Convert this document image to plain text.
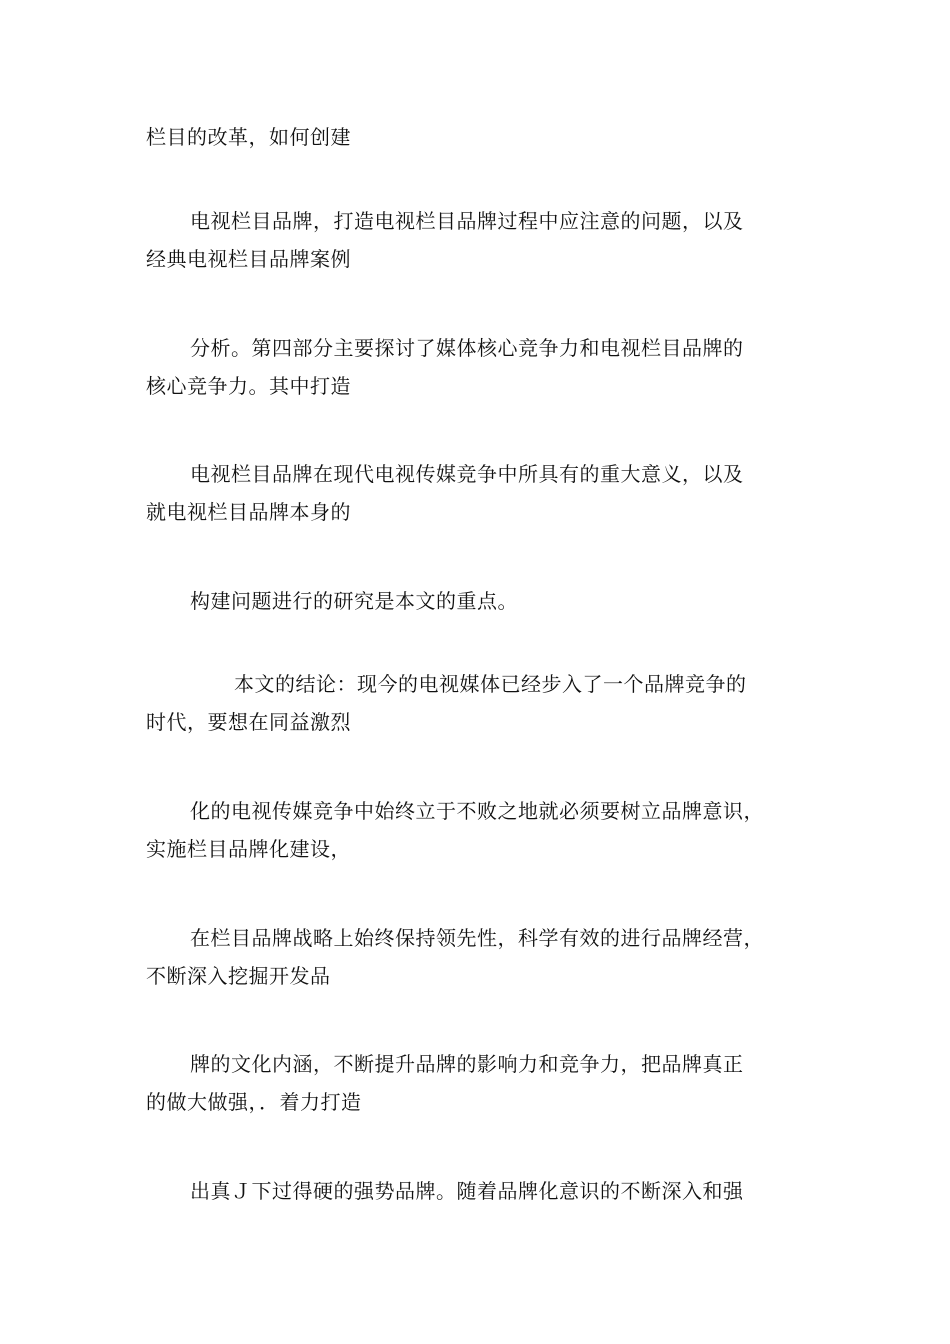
栏目的改革，如何创建
电视栏目品牌，打造电视栏目品牌过程中应注意的问题，以及
经典电视栏目品牌案例
分析。第四部分主要探讨了媒体核心竞争力和电视栏目品牌的
核心竞争力。其中打造
电视栏目品牌在现代电视传媒竞争中所具有的重大意义，以及
就电视栏目品牌本身的
构建问题进行的研究是本文的重点。
本文的结论：现今的电视媒体已经步入了一个品牌竞争的
时代，要想在同益激烈
化的电视传媒竞争中始终立于不败之地就必须要树立品牌意识，
实施栏目品牌化建设，
在栏目品牌战略上始终保持领先性，科学有效的进行品牌经营，
不断深入挖掘开发品
牌的文化内涵，不断提升品牌的影响力和竞争力，把品牌真正
的做大做强，．着力打造
出真Ｊ下过得硬的强势品牌。随着品牌化意识的不断深入和强
